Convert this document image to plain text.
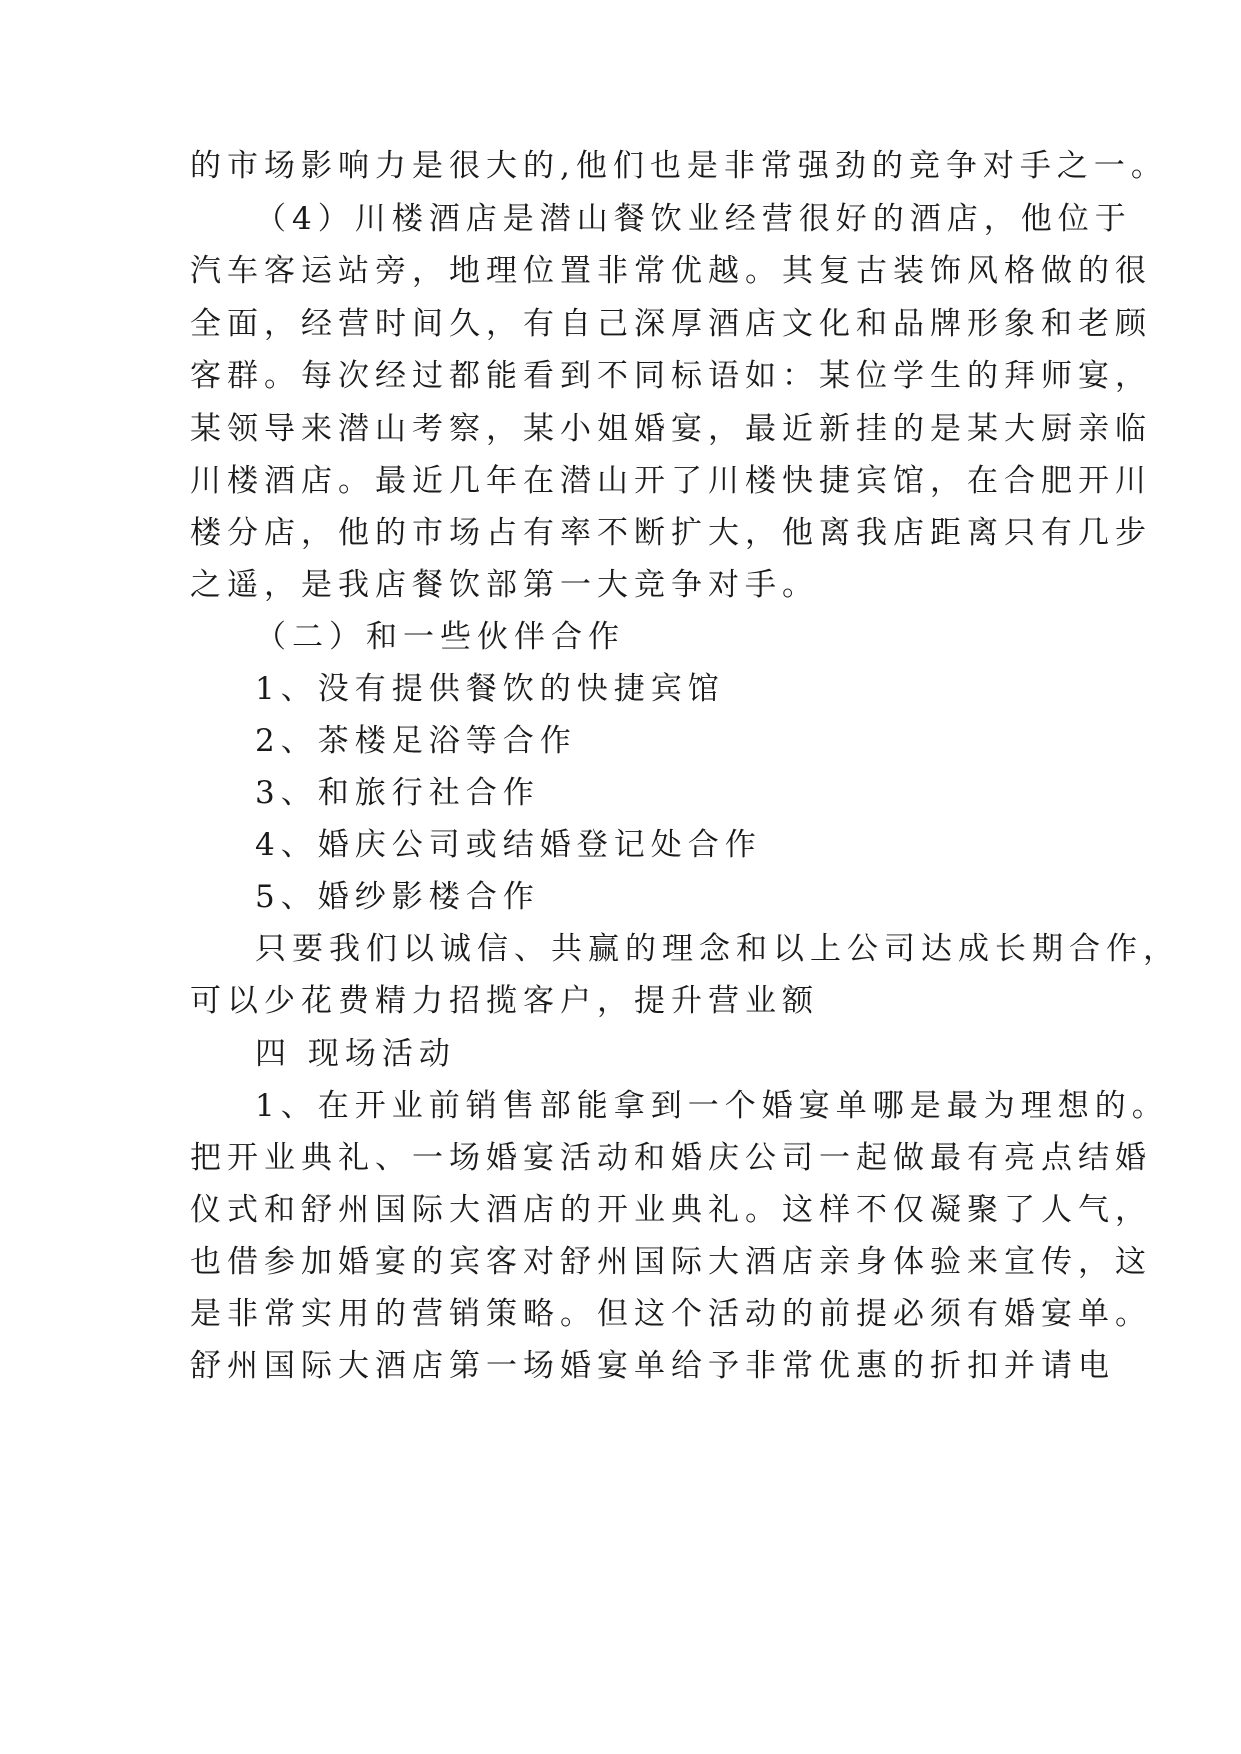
的市场影响力是很大的,他们也是非常强劲的竞争对手之一。
（4）川楼酒店是潜山餐饮业经营很好的酒店，他位于
汽车客运站旁，地理位置非常优越。其复古装饰风格做的很
全面，经营时间久，有自己深厚酒店文化和品牌形象和老顾
客群。每次经过都能看到不同标语如：某位学生的拜师宴，
某领导来潜山考察，某小姐婚宴，最近新挂的是某大厨亲临
川楼酒店。最近几年在潜山开了川楼快捷宾馆，在合肥开川
楼分店，他的市场占有率不断扩大，他离我店距离只有几步
之遥，是我店餐饮部第一大竞争对手。
（二）和一些伙伴合作
1、没有提供餐饮的快捷宾馆
2、茶楼足浴等合作
3、和旅行社合作
4、婚庆公司或结婚登记处合作
5、婚纱影楼合作
只要我们以诚信、共赢的理念和以上公司达成长期合作，
可以少花费精力招揽客户，提升营业额
四 现场活动
1、在开业前销售部能拿到一个婚宴单哪是最为理想的。
把开业典礼、一场婚宴活动和婚庆公司一起做最有亮点结婚
仪式和舒州国际大酒店的开业典礼。这样不仅凝聚了人气，
也借参加婚宴的宾客对舒州国际大酒店亲身体验来宣传，这
是非常实用的营销策略。但这个活动的前提必须有婚宴单。
舒州国际大酒店第一场婚宴单给予非常优惠的折扣并请电
